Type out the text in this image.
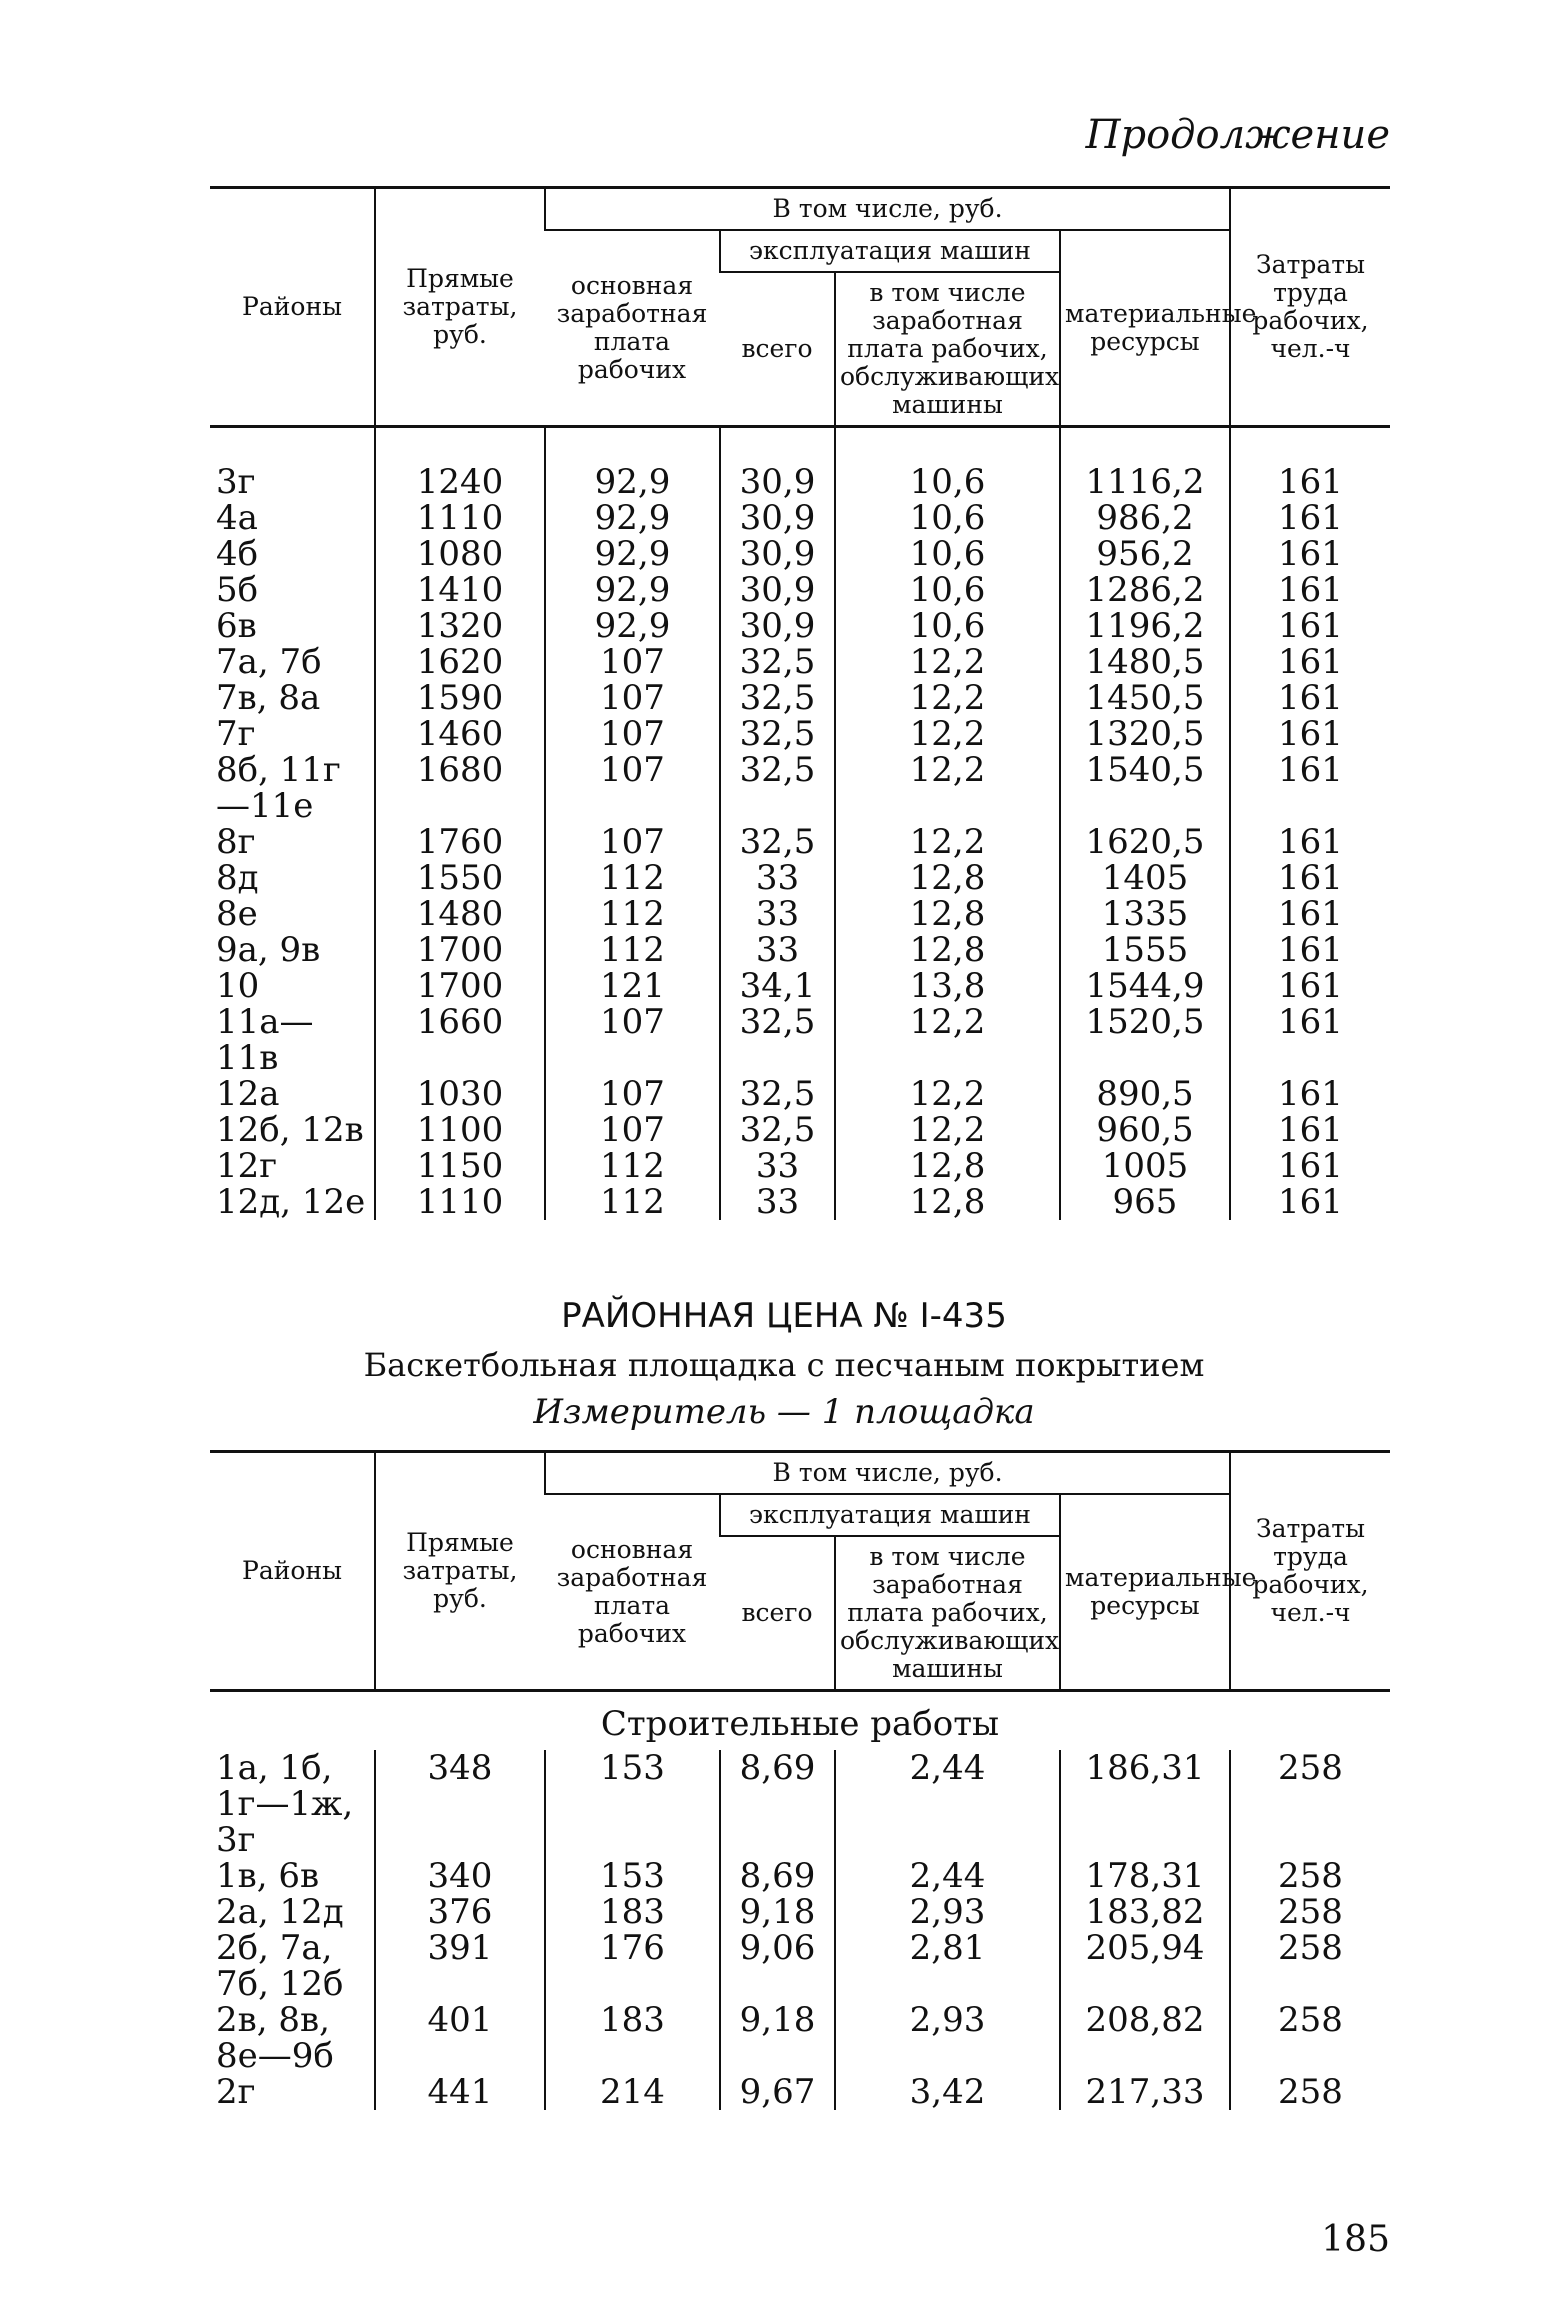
Продолжение
Районы	Прямые затраты, руб.	В том числе, руб.				Затраты труда рабочих, чел.-ч
		основная заработная плата рабочих	эксплуатация машин		материальные ресурсы	
			всего	в том числе заработная плата рабочих, обслуживающих машины		
3г	1240	92,9	30,9	10,6	1116,2	161
4а	1110	92,9	30,9	10,6	986,2	161
4б	1080	92,9	30,9	10,6	956,2	161
5б	1410	92,9	30,9	10,6	1286,2	161
6в	1320	92,9	30,9	10,6	1196,2	161
7а, 7б	1620	107	32,5	12,2	1480,5	161
7в, 8а	1590	107	32,5	12,2	1450,5	161
7г	1460	107	32,5	12,2	1320,5	161
8б, 11г—11е	1680	107	32,5	12,2	1540,5	161
8г	1760	107	32,5	12,2	1620,5	161
8д	1550	112	33	12,8	1405	161
8е	1480	112	33	12,8	1335	161
9а, 9в	1700	112	33	12,8	1555	161
10	1700	121	34,1	13,8	1544,9	161
11а—11в	1660	107	32,5	12,2	1520,5	161
12а	1030	107	32,5	12,2	890,5	161
12б, 12в	1100	107	32,5	12,2	960,5	161
12г	1150	112	33	12,8	1005	161
12д, 12е	1110	112	33	12,8	965	161
РАЙОННАЯ ЦЕНА № I-435
Баскетбольная площадка с песчаным покрытием
Измеритель — 1 площадка
Районы	Прямые затраты, руб.	В том числе, руб.				Затраты труда рабочих, чел.-ч
		основная заработная плата рабочих	эксплуатация машин		материальные ресурсы	
			всего	в том числе заработная плата рабочих, обслуживающих машины		
Строительные работы						
1а, 1б, 1г—1ж, 3г	348	153	8,69	2,44	186,31	258
1в, 6в	340	153	8,69	2,44	178,31	258
2а, 12д	376	183	9,18	2,93	183,82	258
2б, 7а, 7б, 12б	391	176	9,06	2,81	205,94	258
2в, 8в, 8е—9б	401	183	9,18	2,93	208,82	258
2г	441	214	9,67	3,42	217,33	258
185
